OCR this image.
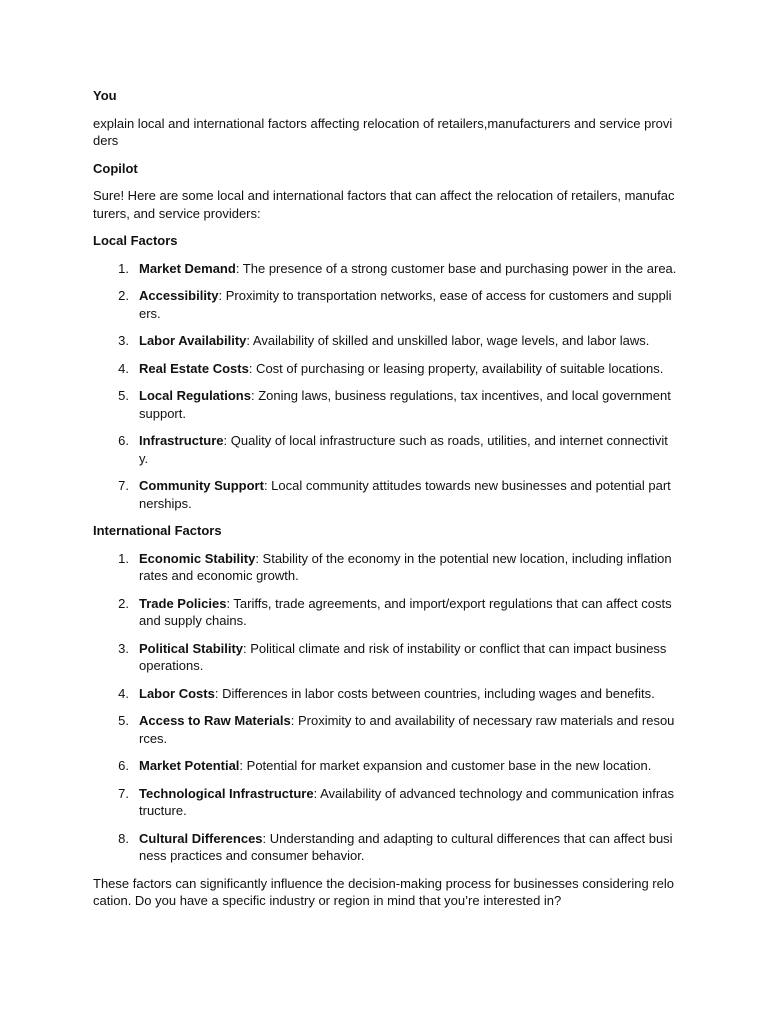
You

explain local and international factors affecting relocation of retailers,manufacturers and service providers

Copilot

Sure! Here are some local and international factors that can affect the relocation of retailers, manufacturers, and service providers:

Local Factors
1. Market Demand: The presence of a strong customer base and purchasing power in the area.
2. Accessibility: Proximity to transportation networks, ease of access for customers and suppliers.
3. Labor Availability: Availability of skilled and unskilled labor, wage levels, and labor laws.
4. Real Estate Costs: Cost of purchasing or leasing property, availability of suitable locations.
5. Local Regulations: Zoning laws, business regulations, tax incentives, and local government support.
6. Infrastructure: Quality of local infrastructure such as roads, utilities, and internet connectivity.
7. Community Support: Local community attitudes towards new businesses and potential partnerships.
International Factors
1. Economic Stability: Stability of the economy in the potential new location, including inflation rates and economic growth.
2. Trade Policies: Tariffs, trade agreements, and import/export regulations that can affect costs and supply chains.
3. Political Stability: Political climate and risk of instability or conflict that can impact business operations.
4. Labor Costs: Differences in labor costs between countries, including wages and benefits.
5. Access to Raw Materials: Proximity to and availability of necessary raw materials and resources.
6. Market Potential: Potential for market expansion and customer base in the new location.
7. Technological Infrastructure: Availability of advanced technology and communication infrastructure.
8. Cultural Differences: Understanding and adapting to cultural differences that can affect business practices and consumer behavior.

These factors can significantly influence the decision-making process for businesses considering relocation. Do you have a specific industry or region in mind that you’re interested in?
